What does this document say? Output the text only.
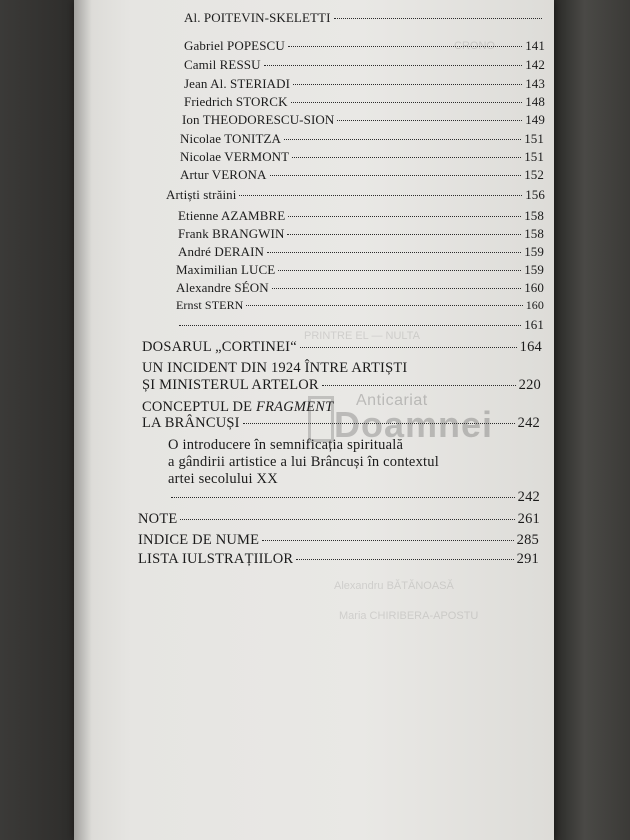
CRONO
PRINTRE EL — NULTA
Alexandru BĂTĂNOASĂ
Maria CHIRIBERA-APOSTU
Al. POITEVIN-SKELETTI
Gabriel POPESCU	141
Camil RESSU	142
Jean Al. STERIADI	143
Friedrich STORCK	148
Ion THEODORESCU-SION	149
Nicolae TONITZA	151
Nicolae VERMONT	151
Artur VERONA	152
Artiști străini	156
Etienne AZAMBRE	158
Frank BRANGWIN	158
André DERAIN	159
Maximilian LUCE	159
Alexandre SÉON	160
Ernst STERN	160
161
DOSARUL „CORTINEI“	164
UN INCIDENT DIN 1924 ÎNTRE ARTIȘTI
ȘI MINISTERUL ARTELOR	220
CONCEPTUL DE FRAGMENT
LA BRÂNCUȘI	242
O introducere în semnificația spirituală
a gândirii artistice a lui Brâncuși în contextul
artei secolului XX
242
NOTE	261
INDICE DE NUME	285
LISTA IULSTRAȚIILOR	291
Anticariat
Doamnei
